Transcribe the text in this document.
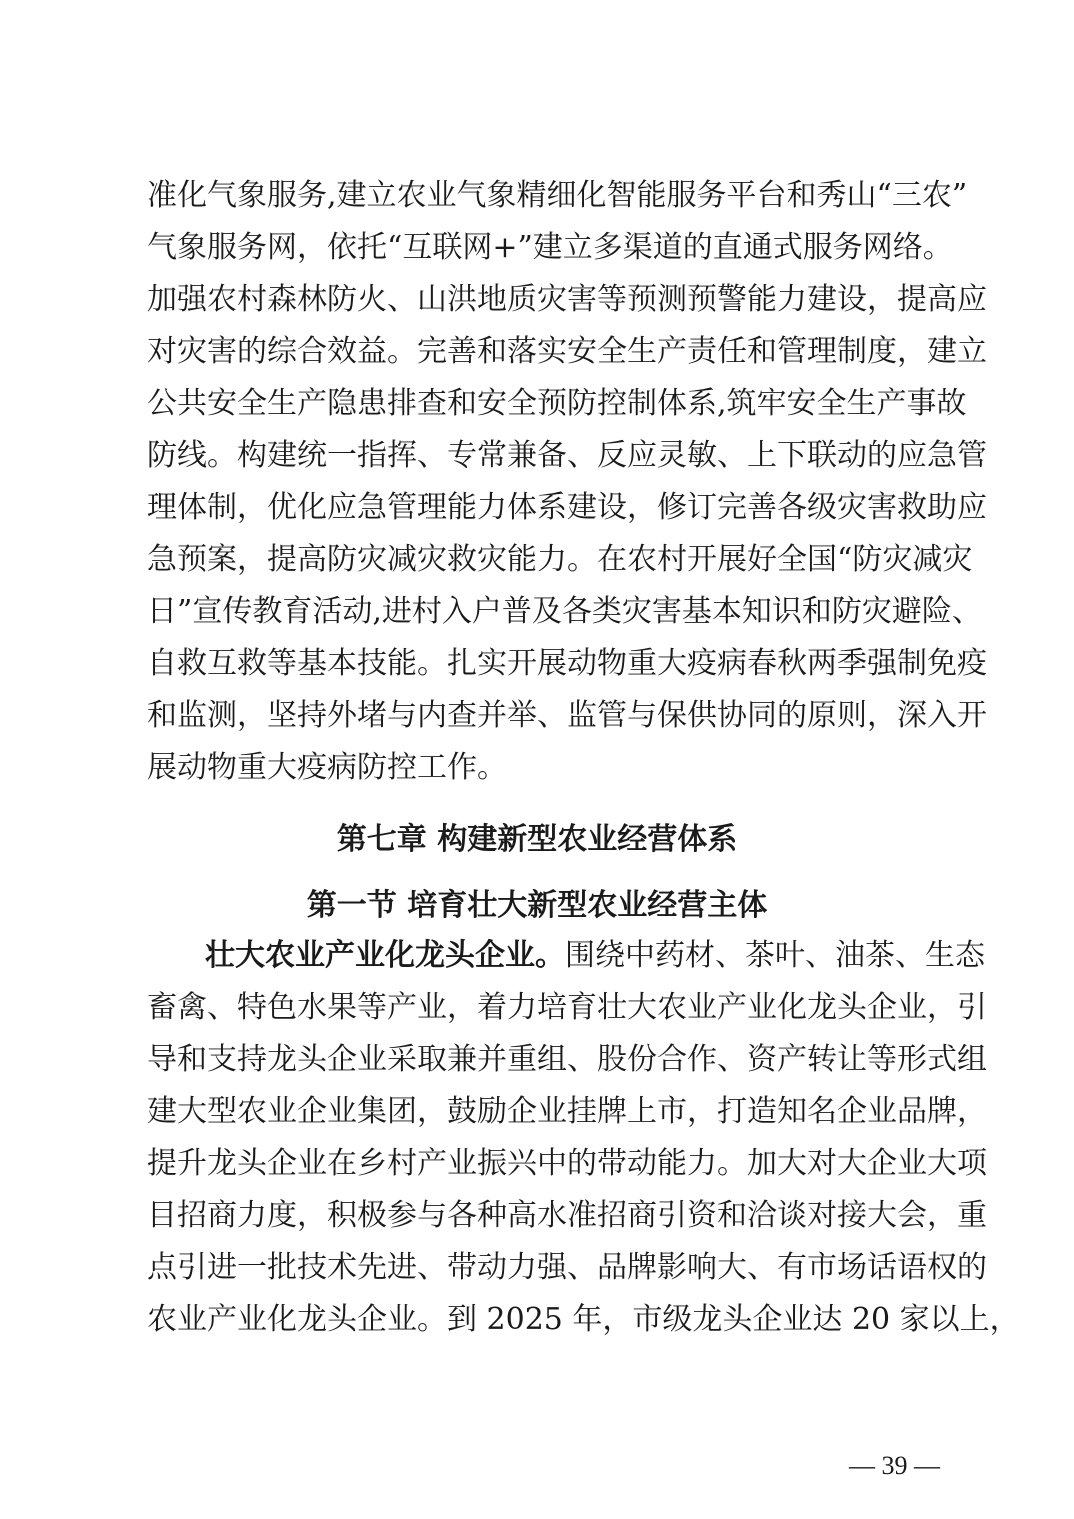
准化气象服务,建立农业气象精细化智能服务平台和秀山“三农”
气象服务网，依托“互联网+”建立多渠道的直通式服务网络。
加强农村森林防火、山洪地质灾害等预测预警能力建设，提高应
对灾害的综合效益。完善和落实安全生产责任和管理制度，建立
公共安全生产隐患排查和安全预防控制体系,筑牢安全生产事故
防线。构建统一指挥、专常兼备、反应灵敏、上下联动的应急管
理体制，优化应急管理能力体系建设，修订完善各级灾害救助应
急预案，提高防灾减灾救灾能力。在农村开展好全国“防灾减灾
日”宣传教育活动,进村入户普及各类灾害基本知识和防灾避险、
自救互救等基本技能。扎实开展动物重大疫病春秋两季强制免疫
和监测，坚持外堵与内查并举、监管与保供协同的原则，深入开
展动物重大疫病防控工作。
第七章 构建新型农业经营体系
第一节 培育壮大新型农业经营主体
壮大农业产业化龙头企业。围绕中药材、茶叶、油茶、生态
畜禽、特色水果等产业，着力培育壮大农业产业化龙头企业，引
导和支持龙头企业采取兼并重组、股份合作、资产转让等形式组
建大型农业企业集团，鼓励企业挂牌上市，打造知名企业品牌，
提升龙头企业在乡村产业振兴中的带动能力。加大对大企业大项
目招商力度，积极参与各种高水准招商引资和洽谈对接大会，重
点引进一批技术先进、带动力强、品牌影响大、有市场话语权的
农业产业化龙头企业。到 2025 年，市级龙头企业达 20 家以上，
— 39 —
